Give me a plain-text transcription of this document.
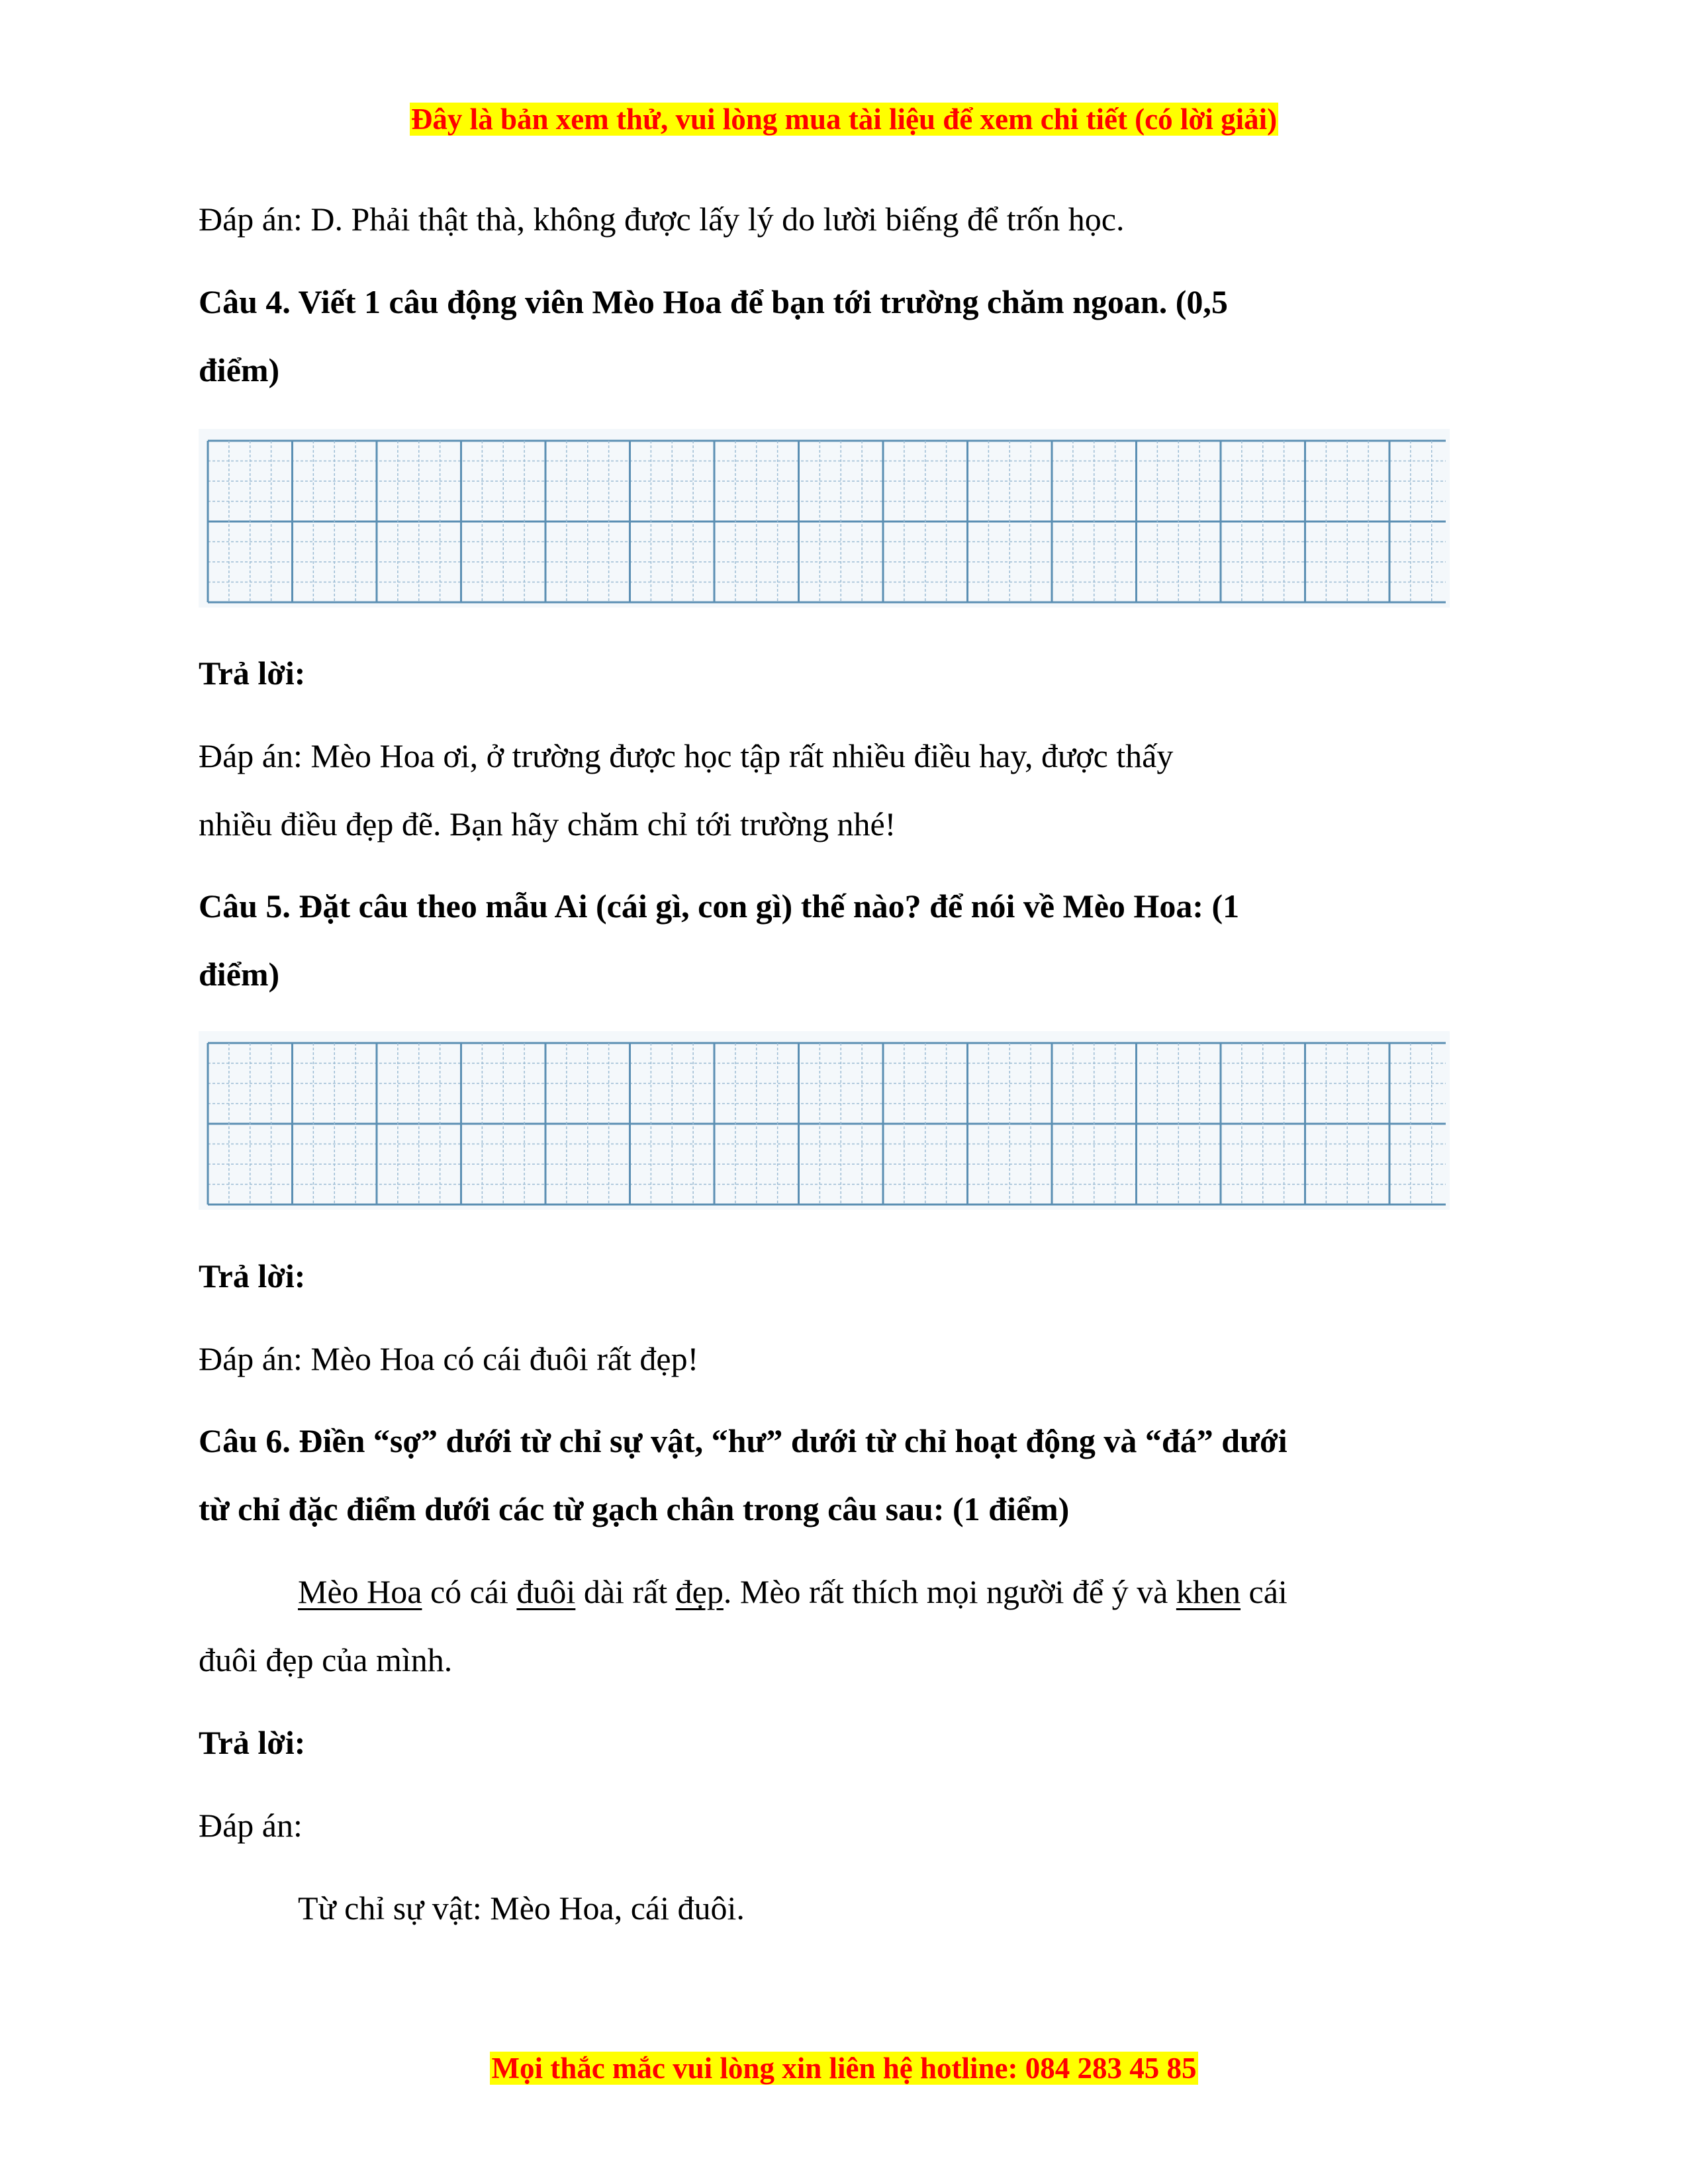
Đây là bản xem thử, vui lòng mua tài liệu để xem chi tiết (có lời giải)
Đáp án: D. Phải thật thà, không được lấy lý do lười biếng để trốn học.
Câu 4. Viết 1 câu động viên Mèo Hoa để bạn tới trường chăm ngoan. (0,5
điểm)
Trả lời:
Đáp án: Mèo Hoa ơi, ở trường được học tập rất nhiều điều hay, được thấy
nhiều điều đẹp đẽ. Bạn hãy chăm chỉ tới trường nhé!
Câu 5. Đặt câu theo mẫu Ai (cái gì, con gì) thế nào? để nói về Mèo Hoa: (1
điểm)
Trả lời:
Đáp án: Mèo Hoa có cái đuôi rất đẹp!
Câu 6. Điền “sợ” dưới từ chỉ sự vật, “hư” dưới từ chỉ hoạt động và “đá” dưới
từ chỉ đặc điểm dưới các từ gạch chân trong câu sau: (1 điểm)
Mèo Hoa có cái đuôi dài rất đẹp. Mèo rất thích mọi người để ý và khen cái
đuôi đẹp của mình.
Trả lời:
Đáp án:
Từ chỉ sự vật: Mèo Hoa, cái đuôi.
Mọi thắc mắc vui lòng xin liên hệ hotline: 084 283 45 85
